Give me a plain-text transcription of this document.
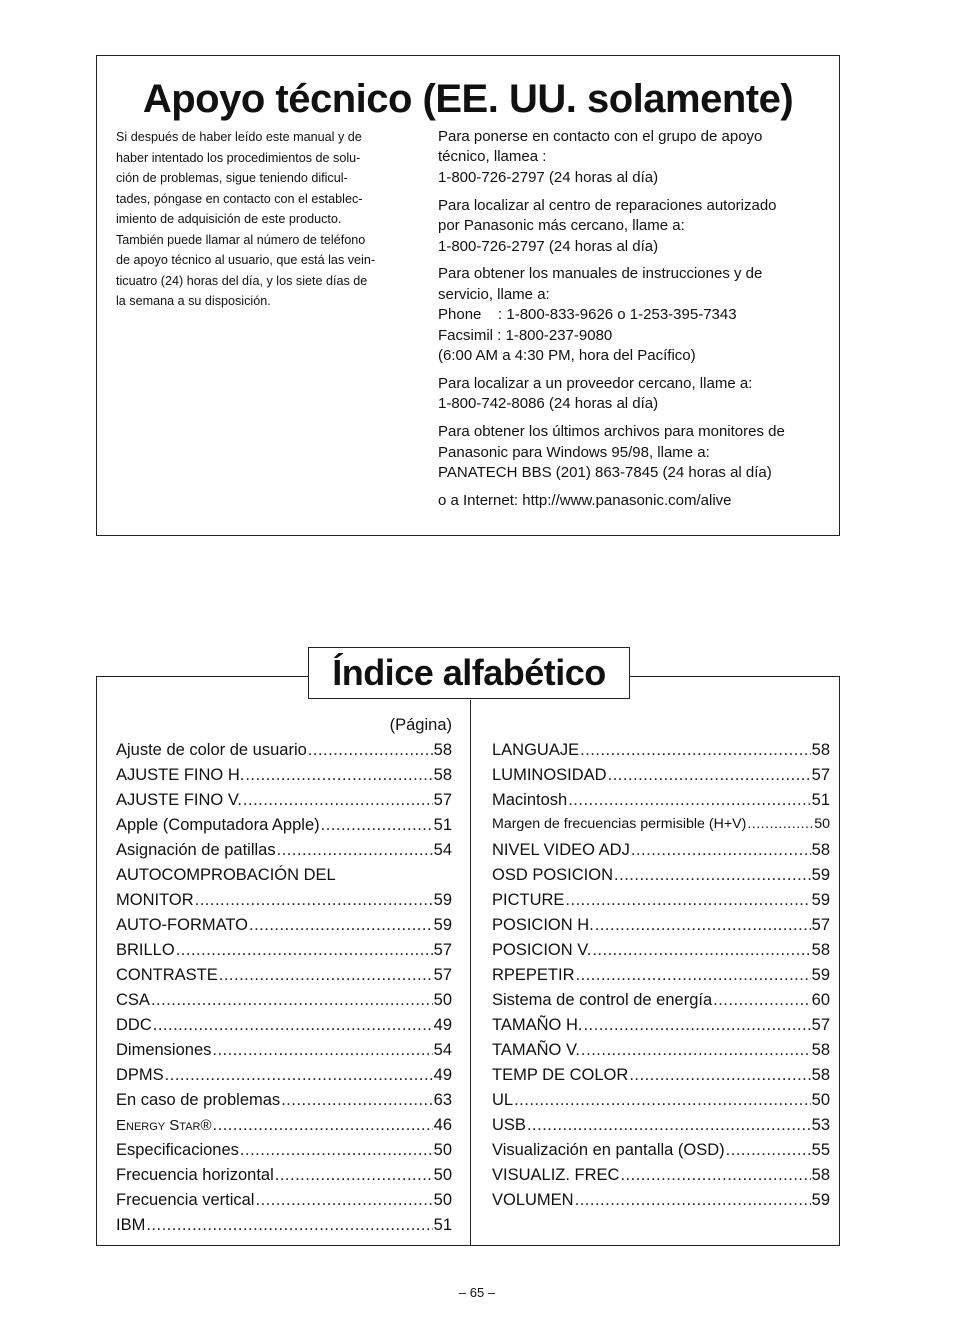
Apoyo técnico (EE. UU. solamente)

Si después de haber leído este manual y de

haber intentado los procedimientos de solu-

ción de problemas, sigue teniendo dificul-

tades, póngase en contacto con el establec-

imiento de adquisición de este producto.

También puede llamar al número de teléfono

de apoyo técnico al usuario, que está las vein-

ticuatro (24) horas del día, y los siete días de

la semana a su disposición.

Para ponerse en contacto con el grupo de apoyo
técnico, llamea :
1-800-726-2797 (24 horas al día)
Para localizar al centro de reparaciones autorizado
por Panasonic más cercano, llame a:
1-800-726-2797 (24 horas al día)
Para obtener los manuales de instrucciones y de
servicio, llame a:
Phone    : 1-800-833-9626 o 1-253-395-7343
Facsimil : 1-800-237-9080
(6:00 AM a 4:30 PM, hora del Pacífico)
Para localizar a un proveedor cercano, llame a:
1-800-742-8086 (24 horas al día)
Para obtener los últimos archivos para monitores de
Panasonic para Windows 95/98, llame a:
PANATECH BBS (201) 863-7845 (24 horas al día)
o a Internet: http://www.panasonic.com/alive
Índice alfabético
(Página)
Ajuste de color de usuario .....	58
AJUSTE FINO H. .....	58
AJUSTE FINO V. .....	57
Apple (Computadora Apple) .....	51
Asignación de patillas .....	54
AUTOCOMPROBACIÓN DEL
MONITOR .....	59
AUTO-FORMATO .....	59
BRILLO .....	57
CONTRASTE .....	57
CSA .....	50
DDC .....	49
Dimensiones .....	54
DPMS .....	49
En caso de problemas .....	63
Energy Star® .....	46
Especificaciones .....	50
Frecuencia horizontal .....	50
Frecuencia vertical .....	50
IBM .....	51
LANGUAJE .....	58
LUMINOSIDAD .....	57
Macintosh .....	51
Margen de frecuencias permisible (H+V) .....	50
NIVEL VIDEO ADJ .....	58
OSD POSICION .....	59
PICTURE .....	59
POSICION H. .....	57
POSICION V. .....	58
RPEPETIR .....	59
Sistema de control de energía .....	60
TAMAÑO H. .....	57
TAMAÑO V. .....	58
TEMP DE COLOR .....	58
UL .....	50
USB .....	53
Visualización en pantalla (OSD) .....	55
VISUALIZ. FREC .....	58
VOLUMEN .....	59
– 65 –
